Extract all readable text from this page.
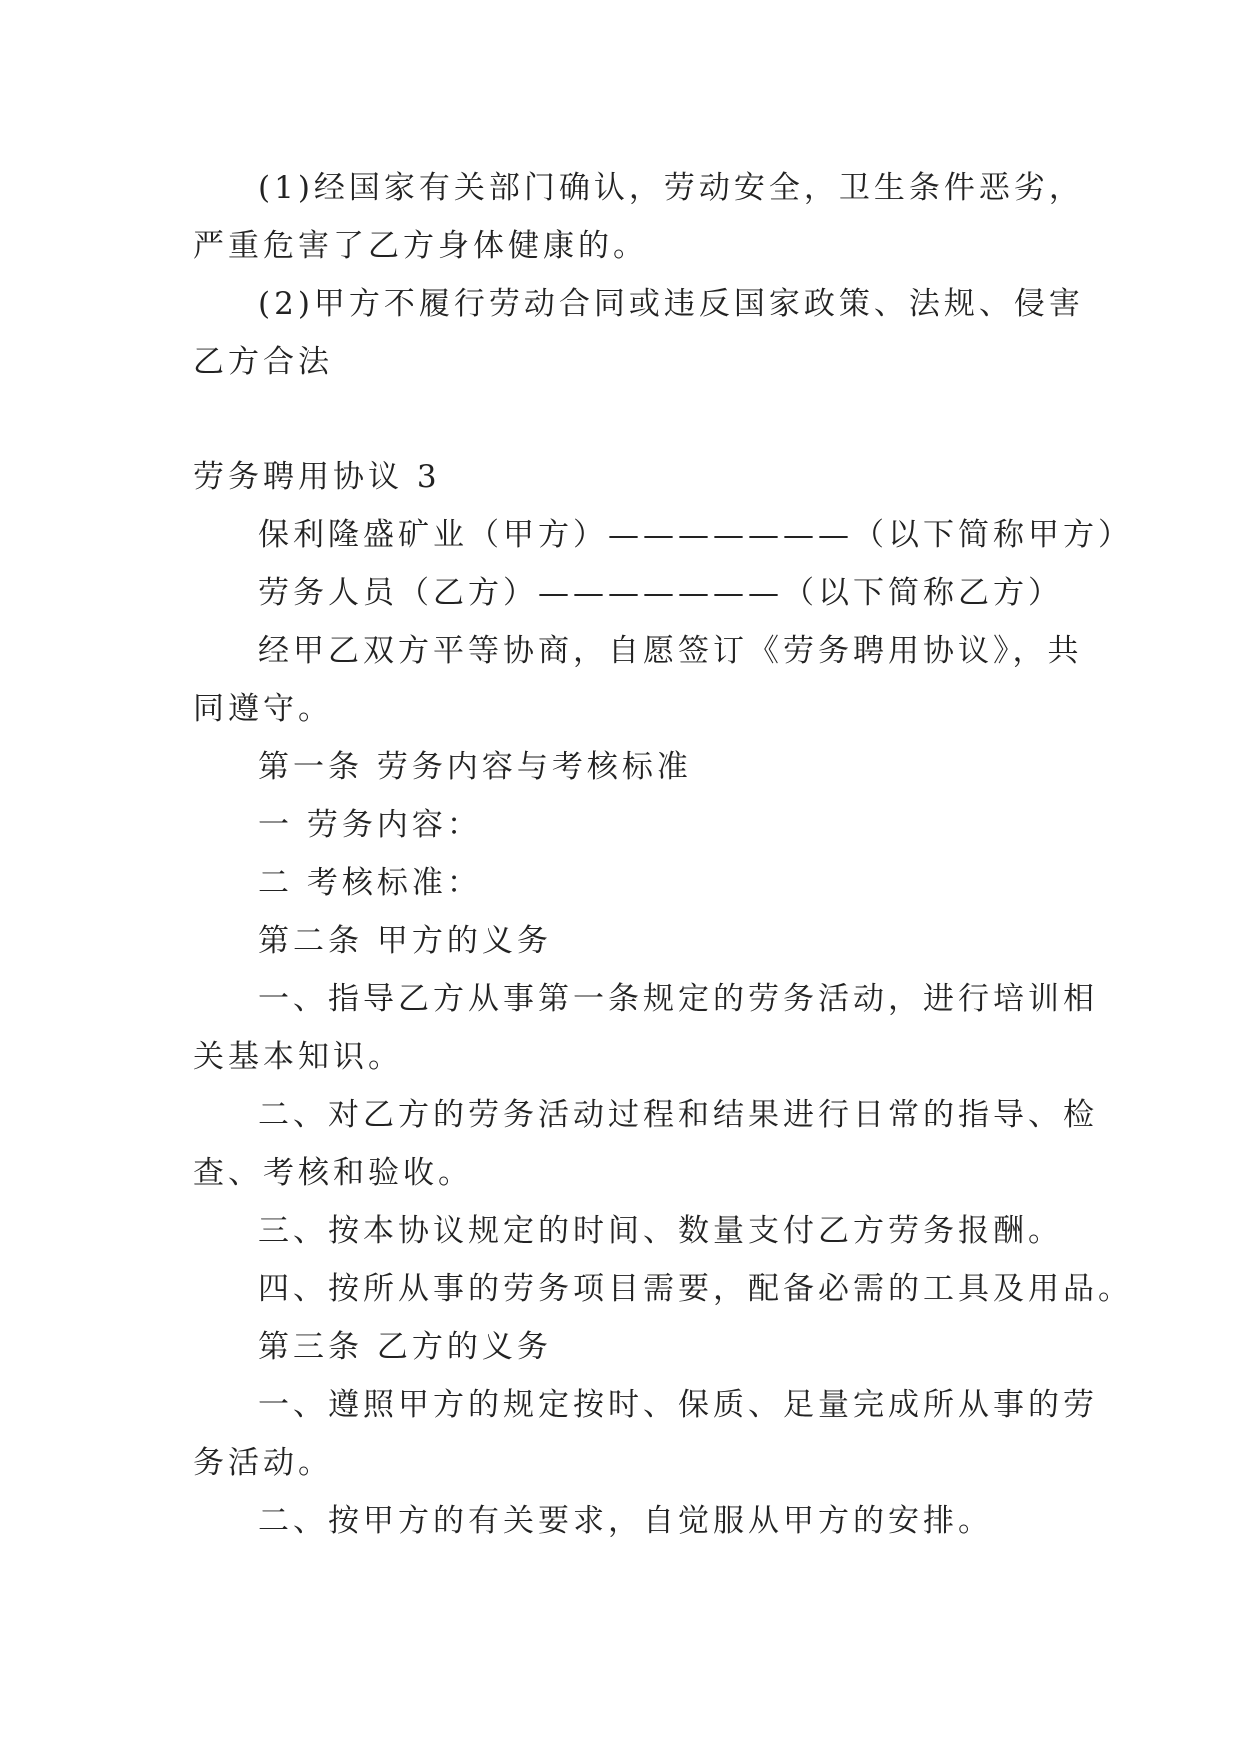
(1)经国家有关部门确认，劳动安全，卫生条件恶劣，
严重危害了乙方身体健康的。
(2)甲方不履行劳动合同或违反国家政策、法规、侵害
乙方合法
劳务聘用协议 3
保利隆盛矿业（甲方）———————（以下简称甲方）
劳务人员（乙方）———————（以下简称乙方）
经甲乙双方平等协商，自愿签订《劳务聘用协议》，共
同遵守。
第一条 劳务内容与考核标准
一 劳务内容：
二 考核标准：
第二条 甲方的义务
一、指导乙方从事第一条规定的劳务活动，进行培训相
关基本知识。
二、对乙方的劳务活动过程和结果进行日常的指导、检
查、考核和验收。
三、按本协议规定的时间、数量支付乙方劳务报酬。
四、按所从事的劳务项目需要，配备必需的工具及用品。
第三条 乙方的义务
一、遵照甲方的规定按时、保质、足量完成所从事的劳
务活动。
二、按甲方的有关要求，自觉服从甲方的安排。
